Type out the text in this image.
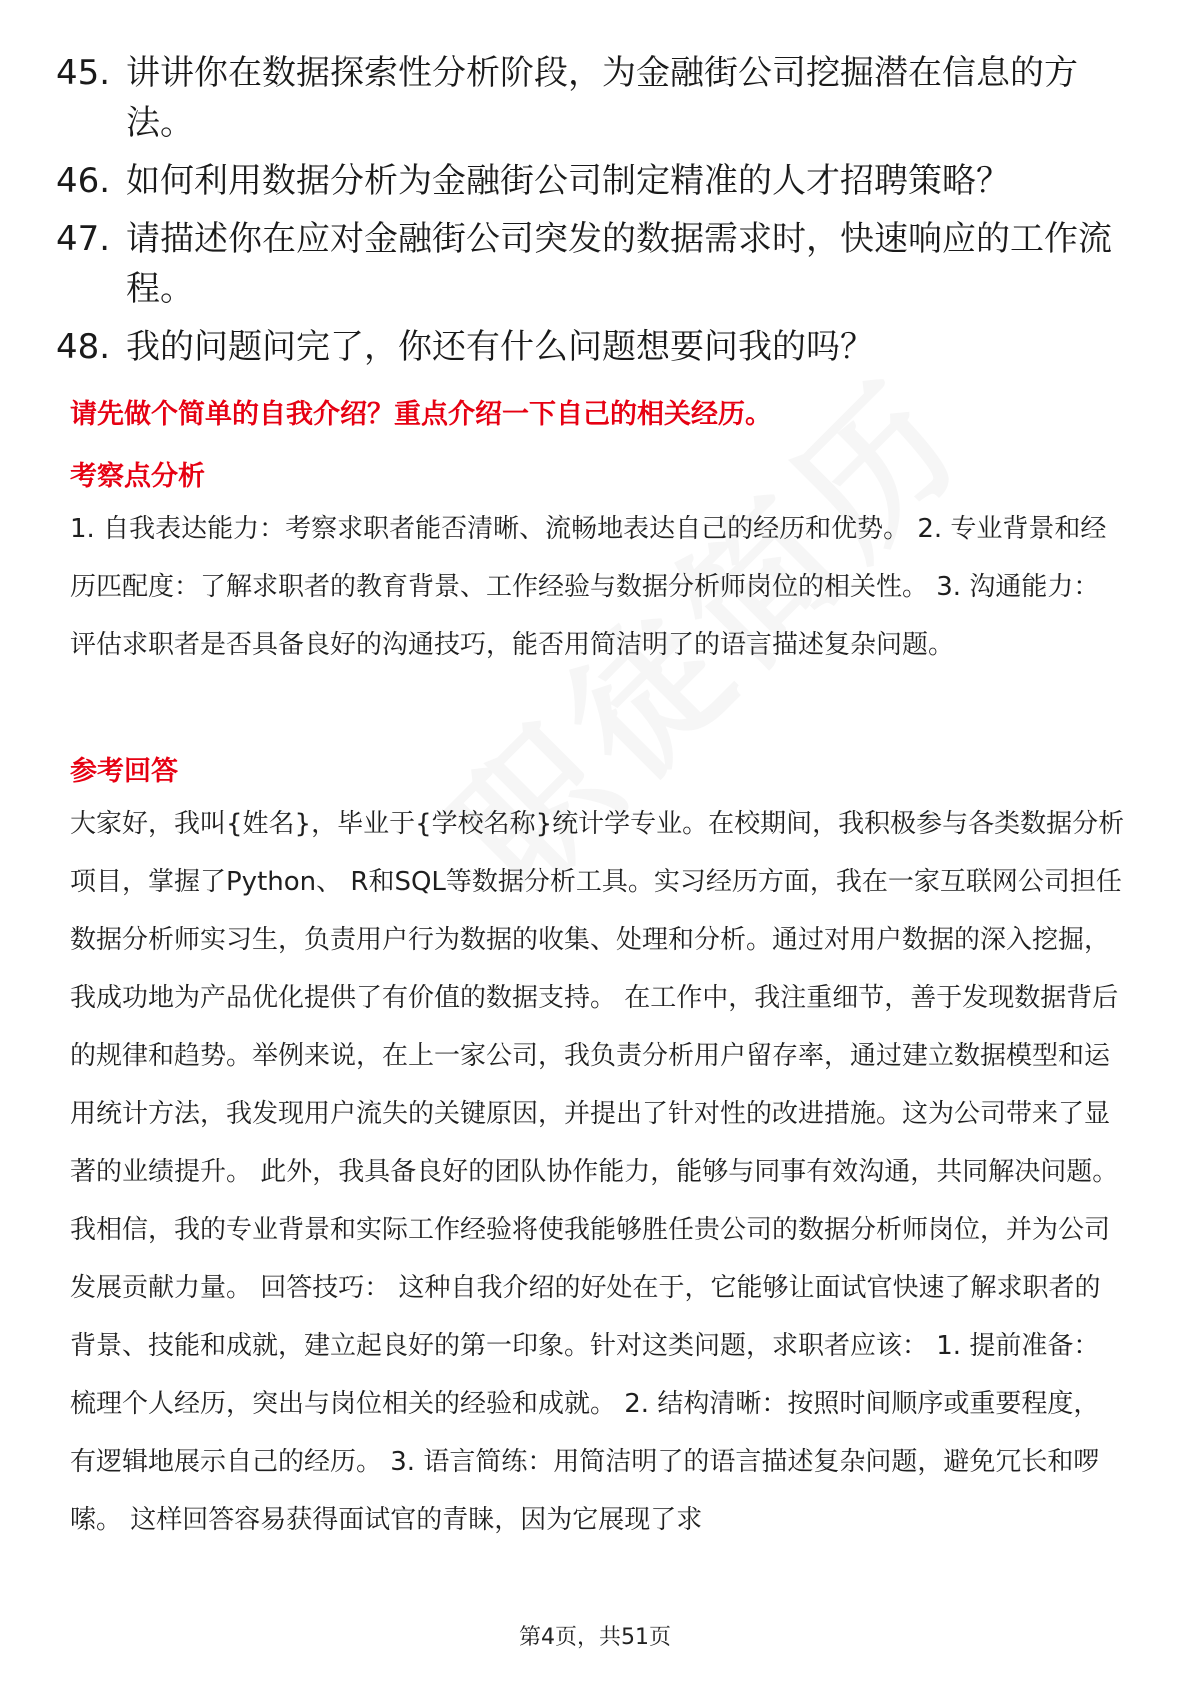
45. 讲讲你在数据探索性分析阶段，为金融街公司挖掘潜在信息的方法。
46. 如何利用数据分析为金融街公司制定精准的人才招聘策略？
47. 请描述你在应对金融街公司突发的数据需求时，快速响应的工作流程。
48. 我的问题问完了，你还有什么问题想要问我的吗？
请先做个简单的自我介绍？重点介绍一下自己的相关经历。
考察点分析
1. 自我表达能力：考察求职者能否清晰、流畅地表达自己的经历和优势。 2. 专业背景和经历匹配度：了解求职者的教育背景、工作经验与数据分析师岗位的相关性。 3. 沟通能力：评估求职者是否具备良好的沟通技巧，能否用简洁明了的语言描述复杂问题。
参考回答
大家好，我叫{姓名}，毕业于{学校名称}统计学专业。在校期间，我积极参与各类数据分析项目，掌握了Python、 R和SQL等数据分析工具。实习经历方面，我在一家互联网公司担任数据分析师实习生，负责用户行为数据的收集、处理和分析。通过对用户数据的深入挖掘，我成功地为产品优化提供了有价值的数据支持。 在工作中，我注重细节，善于发现数据背后的规律和趋势。举例来说，在上一家公司，我负责分析用户留存率，通过建立数据模型和运用统计方法，我发现用户流失的关键原因，并提出了针对性的改进措施。这为公司带来了显著的业绩提升。 此外，我具备良好的团队协作能力，能够与同事有效沟通，共同解决问题。我相信，我的专业背景和实际工作经验将使我能够胜任贵公司的数据分析师岗位，并为公司发展贡献力量。 回答技巧： 这种自我介绍的好处在于，它能够让面试官快速了解求职者的背景、技能和成就，建立起良好的第一印象。针对这类问题，求职者应该： 1. 提前准备：梳理个人经历，突出与岗位相关的经验和成就。 2. 结构清晰：按照时间顺序或重要程度，有逻辑地展示自己的经历。 3. 语言简练：用简洁明了的语言描述复杂问题，避免冗长和啰嗦。 这样回答容易获得面试官的青睐，因为它展现了求
第4页，共51页
